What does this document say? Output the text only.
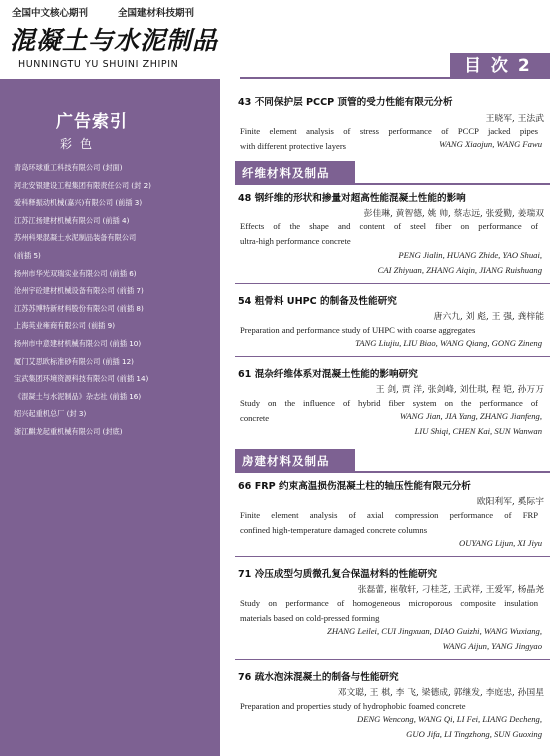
全国中文核心期刊	全国建材科技期刊
混凝土与水泥制品
HUNNINGTU YU SHUINI ZHIPIN
广告索引
彩色
青岛环球重工科技有限公司 (封面)
河北安银建设工程集团有限责任公司 (封 2)
爱科释振动机械(嘉兴)有限公司 (前插 3)
江苏江扬建材机械有限公司 (前插 4)
苏州科果混凝土水泥制品装备有限公司
(前插 5)
扬州市华光双瑞实业有限公司 (前插 6)
沧州宇砼建材机械设备有限公司 (前插 7)
江苏苏博特新材料股份有限公司 (前插 8)
上海英业雍商有限公司 (前插 9)
扬州市中意建材机械有限公司 (前插 10)
厦门艾思欧标准砂有限公司 (前插 12)
宝武集团环境资源科技有限公司 (前插 14)
《混凝土与水泥制品》杂志社 (前插 16)
绍兴起重机总厂 (封 3)
浙江麒龙起重机械有限公司 (封底)
目 次 2
43 不同保护层 PCCP 顶管的受力性能有限元分析
王晓军, 王法武
Finite element analysis of stress performance of PCCP jacked pipes
with different protective layers	WANG Xiaojun, WANG Fawu
纤维材料及制品
48 钢纤维的形状和掺量对超高性能混凝土性能的影响
彭佳琳, 黄智德, 姚 帅, 蔡志远, 张爱勤, 姜瑞双
Effects of the shape and content of steel fiber on performance of
ultra-high performance concrete
PENG Jialin, HUANG Zhide, YAO Shuai,
CAI Zhiyuan, ZHANG Aiqin, JIANG Ruishuang
54 粗骨料 UHPC 的制备及性能研究
唐六九, 刘 彪, 王 强, 龚梓能
Preparation and performance study of UHPC with coarse aggregates
TANG Liujiu, LIU Biao, WANG Qiang, GONG Zineng
61 混杂纤维体系对混凝土性能的影响研究
王 剑, 贾 洋, 张剑峰, 刘仕琪, 程 铠, 孙万万
Study on the influence of hybrid fiber system on the performance of
concrete	WANG Jian, JIA Yang, ZHANG Jianfeng,
LIU Shiqi, CHEN Kai, SUN Wanwan
房建材料及制品
66 FRP 约束高温损伤混凝土柱的轴压性能有限元分析
欧阳利军, 奚际宇
Finite element analysis of axial compression performance of FRP
confined high-temperature damaged concrete columns
OUYANG Lijun, XI Jiyu
71 冷压成型匀质微孔复合保温材料的性能研究
张磊蕾, 崔敬轩, 刁桂芝, 王武祥, 王爱军, 杨晶尧
Study on performance of homogeneous microporous composite insulation
materials based on cold-pressed forming
ZHANG Leilei, CUI Jingxuan, DIAO Guizhi, WANG Wuxiang,
WANG Aijun, YANG Jingyao
76 疏水泡沫混凝土的制备与性能研究
邓文聪, 王 棋, 李 飞, 梁德成, 郭继发, 李庭忠, 孙国星
Preparation and properties study of hydrophobic foamed concrete
DENG Wencong, WANG Qi, LI Fei, LIANG Decheng,
GUO Jifa, LI Tingzhong, SUN Guoxing
